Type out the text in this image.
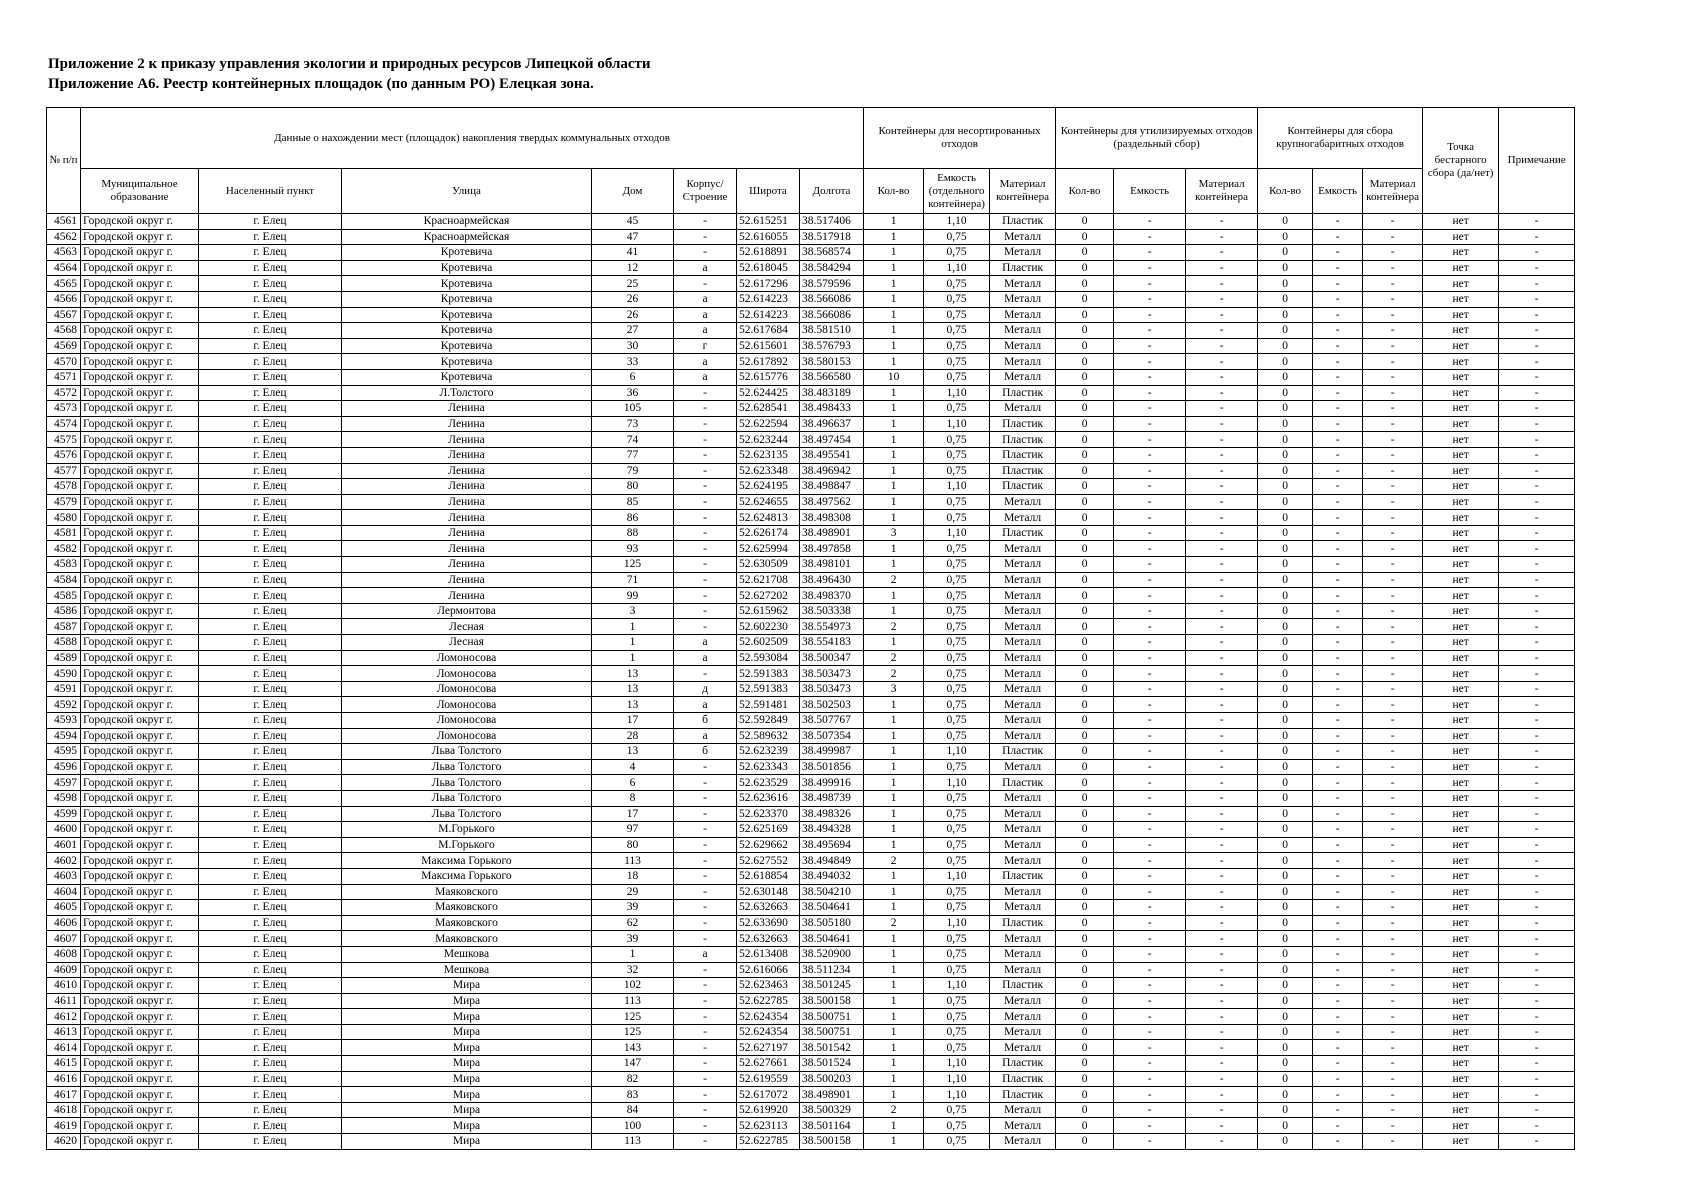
Приложение 2 к приказу управления экологии и природных ресурсов Липецкой области
Приложение А6. Реестр контейнерных площадок (по данным РО) Елецкая зона.
№ п/п	Данные о нахождении мест (площадок) накопления твердых коммунальных отходов							Контейнеры для несортированных отходов			Контейнеры для утилизируемых отходов (раздельный сбор)			Контейнеры для сбора крупногабаритных отходов			Точка бестарного сбора (да/нет)	Примечание
	Муниципальное образование	Населенный пункт	Улица	Дом	Корпус/ Строение	Широта	Долгота	Кол-во	Емкость (отдельного контейнера)	Материал контейнера	Кол-во	Емкость	Материал контейнера	Кол-во	Емкость	Материал контейнера		
4561	Городской округ г.	г. Елец	Красноармейская	45	-	52.615251	38.517406	1	1,10	Пластик	0	-	-	0	-	-	нет	-
4562	Городской округ г.	г. Елец	Красноармейская	47	-	52.616055	38.517918	1	0,75	Металл	0	-	-	0	-	-	нет	-
4563	Городской округ г.	г. Елец	Кротевича	41	-	52.618891	38.568574	1	0,75	Металл	0	-	-	0	-	-	нет	-
4564	Городской округ г.	г. Елец	Кротевича	12	а	52.618045	38.584294	1	1,10	Пластик	0	-	-	0	-	-	нет	-
4565	Городской округ г.	г. Елец	Кротевича	25	-	52.617296	38.579596	1	0,75	Металл	0	-	-	0	-	-	нет	-
4566	Городской округ г.	г. Елец	Кротевича	26	а	52.614223	38.566086	1	0,75	Металл	0	-	-	0	-	-	нет	-
4567	Городской округ г.	г. Елец	Кротевича	26	а	52.614223	38.566086	1	0,75	Металл	0	-	-	0	-	-	нет	-
4568	Городской округ г.	г. Елец	Кротевича	27	а	52.617684	38.581510	1	0,75	Металл	0	-	-	0	-	-	нет	-
4569	Городской округ г.	г. Елец	Кротевича	30	г	52.615601	38.576793	1	0,75	Металл	0	-	-	0	-	-	нет	-
4570	Городской округ г.	г. Елец	Кротевича	33	а	52.617892	38.580153	1	0,75	Металл	0	-	-	0	-	-	нет	-
4571	Городской округ г.	г. Елец	Кротевича	6	а	52.615776	38.566580	10	0,75	Металл	0	-	-	0	-	-	нет	-
4572	Городской округ г.	г. Елец	Л.Толстого	36	-	52.624425	38.483189	1	1,10	Пластик	0	-	-	0	-	-	нет	-
4573	Городской округ г.	г. Елец	Ленина	105	-	52.628541	38.498433	1	0,75	Металл	0	-	-	0	-	-	нет	-
4574	Городской округ г.	г. Елец	Ленина	73	-	52.622594	38.496637	1	1,10	Пластик	0	-	-	0	-	-	нет	-
4575	Городской округ г.	г. Елец	Ленина	74	-	52.623244	38.497454	1	0,75	Пластик	0	-	-	0	-	-	нет	-
4576	Городской округ г.	г. Елец	Ленина	77	-	52.623135	38.495541	1	0,75	Пластик	0	-	-	0	-	-	нет	-
4577	Городской округ г.	г. Елец	Ленина	79	-	52.623348	38.496942	1	0,75	Пластик	0	-	-	0	-	-	нет	-
4578	Городской округ г.	г. Елец	Ленина	80	-	52.624195	38.498847	1	1,10	Пластик	0	-	-	0	-	-	нет	-
4579	Городской округ г.	г. Елец	Ленина	85	-	52.624655	38.497562	1	0,75	Металл	0	-	-	0	-	-	нет	-
4580	Городской округ г.	г. Елец	Ленина	86	-	52.624813	38.498308	1	0,75	Металл	0	-	-	0	-	-	нет	-
4581	Городской округ г.	г. Елец	Ленина	88	-	52.626174	38.498901	3	1,10	Пластик	0	-	-	0	-	-	нет	-
4582	Городской округ г.	г. Елец	Ленина	93	-	52.625994	38.497858	1	0,75	Металл	0	-	-	0	-	-	нет	-
4583	Городской округ г.	г. Елец	Ленина	125	-	52.630509	38.498101	1	0,75	Металл	0	-	-	0	-	-	нет	-
4584	Городской округ г.	г. Елец	Ленина	71	-	52.621708	38.496430	2	0,75	Металл	0	-	-	0	-	-	нет	-
4585	Городской округ г.	г. Елец	Ленина	99	-	52.627202	38.498370	1	0,75	Металл	0	-	-	0	-	-	нет	-
4586	Городской округ г.	г. Елец	Лермонтова	3	-	52.615962	38.503338	1	0,75	Металл	0	-	-	0	-	-	нет	-
4587	Городской округ г.	г. Елец	Лесная	1	-	52.602230	38.554973	2	0,75	Металл	0	-	-	0	-	-	нет	-
4588	Городской округ г.	г. Елец	Лесная	1	а	52.602509	38.554183	1	0,75	Металл	0	-	-	0	-	-	нет	-
4589	Городской округ г.	г. Елец	Ломоносова	1	а	52.593084	38.500347	2	0,75	Металл	0	-	-	0	-	-	нет	-
4590	Городской округ г.	г. Елец	Ломоносова	13	-	52.591383	38.503473	2	0,75	Металл	0	-	-	0	-	-	нет	-
4591	Городской округ г.	г. Елец	Ломоносова	13	д	52.591383	38.503473	3	0,75	Металл	0	-	-	0	-	-	нет	-
4592	Городской округ г.	г. Елец	Ломоносова	13	а	52.591481	38.502503	1	0,75	Металл	0	-	-	0	-	-	нет	-
4593	Городской округ г.	г. Елец	Ломоносова	17	б	52.592849	38.507767	1	0,75	Металл	0	-	-	0	-	-	нет	-
4594	Городской округ г.	г. Елец	Ломоносова	28	а	52.589632	38.507354	1	0,75	Металл	0	-	-	0	-	-	нет	-
4595	Городской округ г.	г. Елец	Льва Толстого	13	б	52.623239	38.499987	1	1,10	Пластик	0	-	-	0	-	-	нет	-
4596	Городской округ г.	г. Елец	Льва Толстого	4	-	52.623343	38.501856	1	0,75	Металл	0	-	-	0	-	-	нет	-
4597	Городской округ г.	г. Елец	Льва Толстого	6	-	52.623529	38.499916	1	1,10	Пластик	0	-	-	0	-	-	нет	-
4598	Городской округ г.	г. Елец	Льва Толстого	8	-	52.623616	38.498739	1	0,75	Металл	0	-	-	0	-	-	нет	-
4599	Городской округ г.	г. Елец	Льва Толстого	17	-	52.623370	38.498326	1	0,75	Металл	0	-	-	0	-	-	нет	-
4600	Городской округ г.	г. Елец	М.Горького	97	-	52.625169	38.494328	1	0,75	Металл	0	-	-	0	-	-	нет	-
4601	Городской округ г.	г. Елец	М.Горького	80	-	52.629662	38.495694	1	0,75	Металл	0	-	-	0	-	-	нет	-
4602	Городской округ г.	г. Елец	Максима Горького	113	-	52.627552	38.494849	2	0,75	Металл	0	-	-	0	-	-	нет	-
4603	Городской округ г.	г. Елец	Максима Горького	18	-	52.618854	38.494032	1	1,10	Пластик	0	-	-	0	-	-	нет	-
4604	Городской округ г.	г. Елец	Маяковского	29	-	52.630148	38.504210	1	0,75	Металл	0	-	-	0	-	-	нет	-
4605	Городской округ г.	г. Елец	Маяковского	39	-	52.632663	38.504641	1	0,75	Металл	0	-	-	0	-	-	нет	-
4606	Городской округ г.	г. Елец	Маяковского	62	-	52.633690	38.505180	2	1,10	Пластик	0	-	-	0	-	-	нет	-
4607	Городской округ г.	г. Елец	Маяковского	39	-	52.632663	38.504641	1	0,75	Металл	0	-	-	0	-	-	нет	-
4608	Городской округ г.	г. Елец	Мешкова	1	а	52.613408	38.520900	1	0,75	Металл	0	-	-	0	-	-	нет	-
4609	Городской округ г.	г. Елец	Мешкова	32	-	52.616066	38.511234	1	0,75	Металл	0	-	-	0	-	-	нет	-
4610	Городской округ г.	г. Елец	Мира	102	-	52.623463	38.501245	1	1,10	Пластик	0	-	-	0	-	-	нет	-
4611	Городской округ г.	г. Елец	Мира	113	-	52.622785	38.500158	1	0,75	Металл	0	-	-	0	-	-	нет	-
4612	Городской округ г.	г. Елец	Мира	125	-	52.624354	38.500751	1	0,75	Металл	0	-	-	0	-	-	нет	-
4613	Городской округ г.	г. Елец	Мира	125	-	52.624354	38.500751	1	0,75	Металл	0	-	-	0	-	-	нет	-
4614	Городской округ г.	г. Елец	Мира	143	-	52.627197	38.501542	1	0,75	Металл	0	-	-	0	-	-	нет	-
4615	Городской округ г.	г. Елец	Мира	147	-	52.627661	38.501524	1	1,10	Пластик	0	-	-	0	-	-	нет	-
4616	Городской округ г.	г. Елец	Мира	82	-	52.619559	38.500203	1	1,10	Пластик	0	-	-	0	-	-	нет	-
4617	Городской округ г.	г. Елец	Мира	83	-	52.617072	38.498901	1	1,10	Пластик	0	-	-	0	-	-	нет	-
4618	Городской округ г.	г. Елец	Мира	84	-	52.619920	38.500329	2	0,75	Металл	0	-	-	0	-	-	нет	-
4619	Городской округ г.	г. Елец	Мира	100	-	52.623113	38.501164	1	0,75	Металл	0	-	-	0	-	-	нет	-
4620	Городской округ г.	г. Елец	Мира	113	-	52.622785	38.500158	1	0,75	Металл	0	-	-	0	-	-	нет	-
